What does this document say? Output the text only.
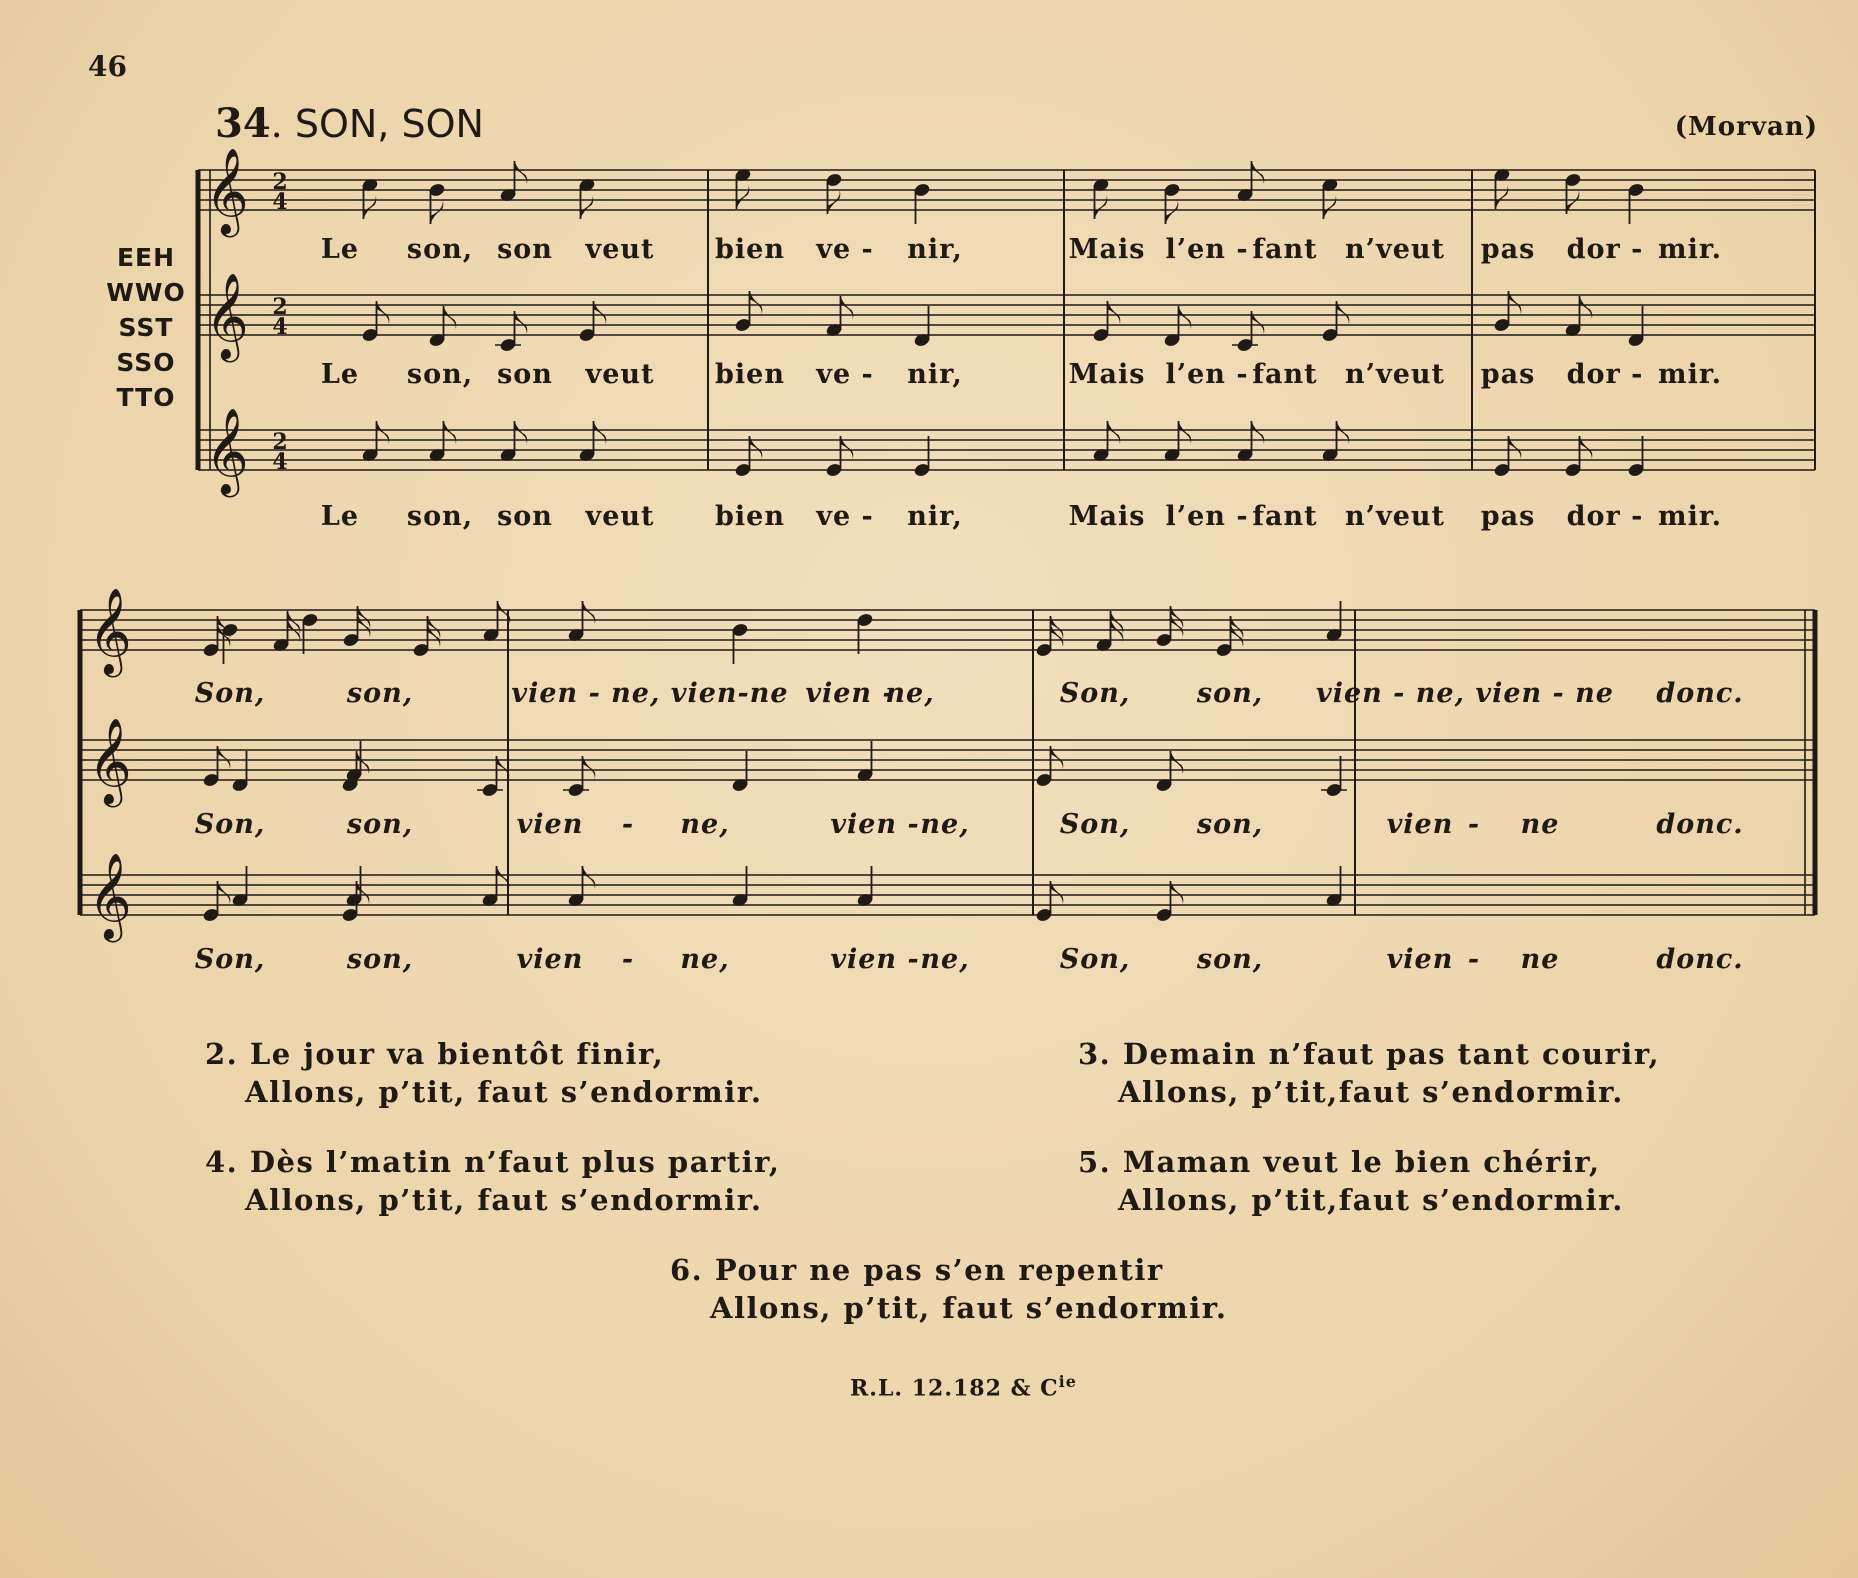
46
34. SON, SON	(Morvan)
EEH
WWO
SST
SSO
TTO
𝄞 2
4
Le son, son veut bien ve - nir,	Mais l’en - fant n’veut pas dor - mir.
𝄞 2
4
Le son, son veut bien ve - nir,	Mais l’en - fant n’veut pas dor - mir.
𝄞 2
4
Le son, son veut bien ve - nir,	Mais l’en - fant n’veut pas dor - mir.
𝄞
Son,	son,	vien - ne, vien-ne vien -
ne,	Son, son, vien - ne, vien - ne donc.
𝄞
Son,	son,	vien - ne,	vien - ne,	Son, son,	vien - ne	donc.
𝄞
Son,	son,	vien - ne,	vien - ne,	Son, son,	vien - ne	donc.
2. Le jour va bientôt finir,
Allons, p’tit, faut s’endormir.
3. Demain n’faut pas tant courir,
Allons, p’tit,faut s’endormir.
4. Dès l’matin n’faut plus partir,
Allons, p’tit, faut s’endormir.
5. Maman veut le bien chérir,
Allons, p’tit,faut s’endormir.
6. Pour ne pas s’en repentir
Allons, p’tit, faut s’endormir.
R.L. 12.182 & $C^{ie}$
